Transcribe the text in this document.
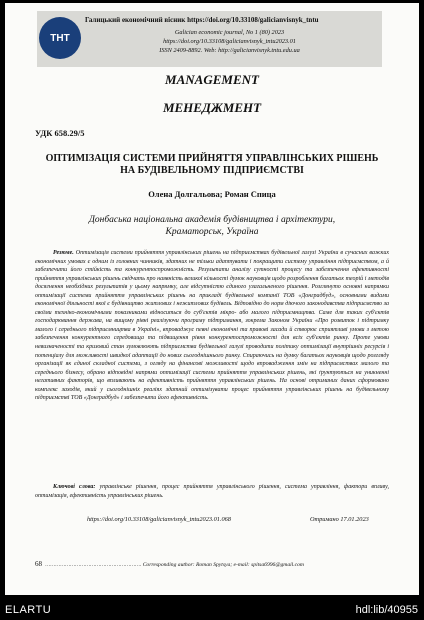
ТНТ
Галицький економічний вісник https://doi.org/10.33108/galicianvisnyk_tntu
Galician economic journal, No 1 (80) 2023
https://doi.org/10.33108/galicianvisnyk_tntu2023.01
ISSN 2409-8892. Web: http://galicianvisnyk.tntu.edu.ua
MANAGEMENT
МЕНЕДЖМЕНТ
УДК 658.29/5
ОПТИМІЗАЦІЯ СИСТЕМИ ПРИЙНЯТТЯ УПРАВЛІНСЬКИХ РІШЕНЬ НА БУДІВЕЛЬНОМУ ПІДПРИЄМСТВІ
Олена Долгальова; Роман Спица
Донбаська національна академія будівництва і архітектури, Краматорськ, Україна
Резюме. Оптимізація системи прийняття управлінських рішень на підприємствах будівельної галузі України в сучасних важких економічних умовах є одним із головних чинників, здатних не тільки адаптувати і покращити систему управління підприємством, а й забезпечити його стійкість та конкурентоспроможність. Результати аналізу сутності процесу та забезпечення ефективності прийняття управлінських рішень свідчать про наявність великої кількості думок науковців щодо розроблення багатьох теорій і методів досягнення необхідних результатів у цьому напрямку, але відсутністю єдиного узагальненого рішення. Розглянуто основні напрямки оптимізації системи прийняття управлінських рішень на прикладі будівельної компанії ТОВ «Донградбуд», основними видами економічної діяльності якої є будівництво житлових і нежитлових будівель. Відповідно до норм діючого законодавства підприємство за своїми техніко-економічними показниками відноситься до суб'єктів мікро- або малого підприємництва. Саме для таких суб'єктів господарювання держава, на вищому рівні реалізуючи програму підтримання, зокрема Законом України «Про розвиток і підтримку малого і середнього підприємництва в Україні», впроваджує певні економічні та правові засади й створює сприятливі умови з метою забезпечення конкурентного середовища та підвищення рівня конкурентоспроможності для всіх суб'єктів ринку. Проте умови невизначеності та кризовий стан зумовлюють підприємства будівельної галузі проводити політику оптимізації внутрішніх ресурсів і потенціалу для можливості швидкої адаптації до нових сьогоднішнього ринку. Спираючись на думку багатьох науковців щодо розгляду організації як єдиної складної системи, з огляду на фінансові можливості щодо впровадження змін на підприємствах малого та середнього бізнесу, обрано відповідні напрями оптимізації системи прийняття управлінських рішень, які ґрунтуються на уникненні негативних факторів, що впливають на ефективність прийняття управлінських рішень. На основі отриманих даних сформовано комплекс заходів, який у сьогоднішніх реаліях здатний оптимізувати процес прийняття управлінських рішень на будівельному підприємстві ТОВ «Донградбуд» і забезпечити його ефективність.
Ключові слова: управлінське рішення, процес прийняття управлінського рішення, система управління, фактори впливу, оптимізація, ефективність управлінських рішень.
https://doi.org/10.33108/galicianvisnyk_tntu2023.01.068	Отримано 17.01.2023
68 …………………………………………………. Corresponding author: Roman Spytsya; e-mail: spitsa6996@gmail.com
ELARTU	hdl:lib/40955
